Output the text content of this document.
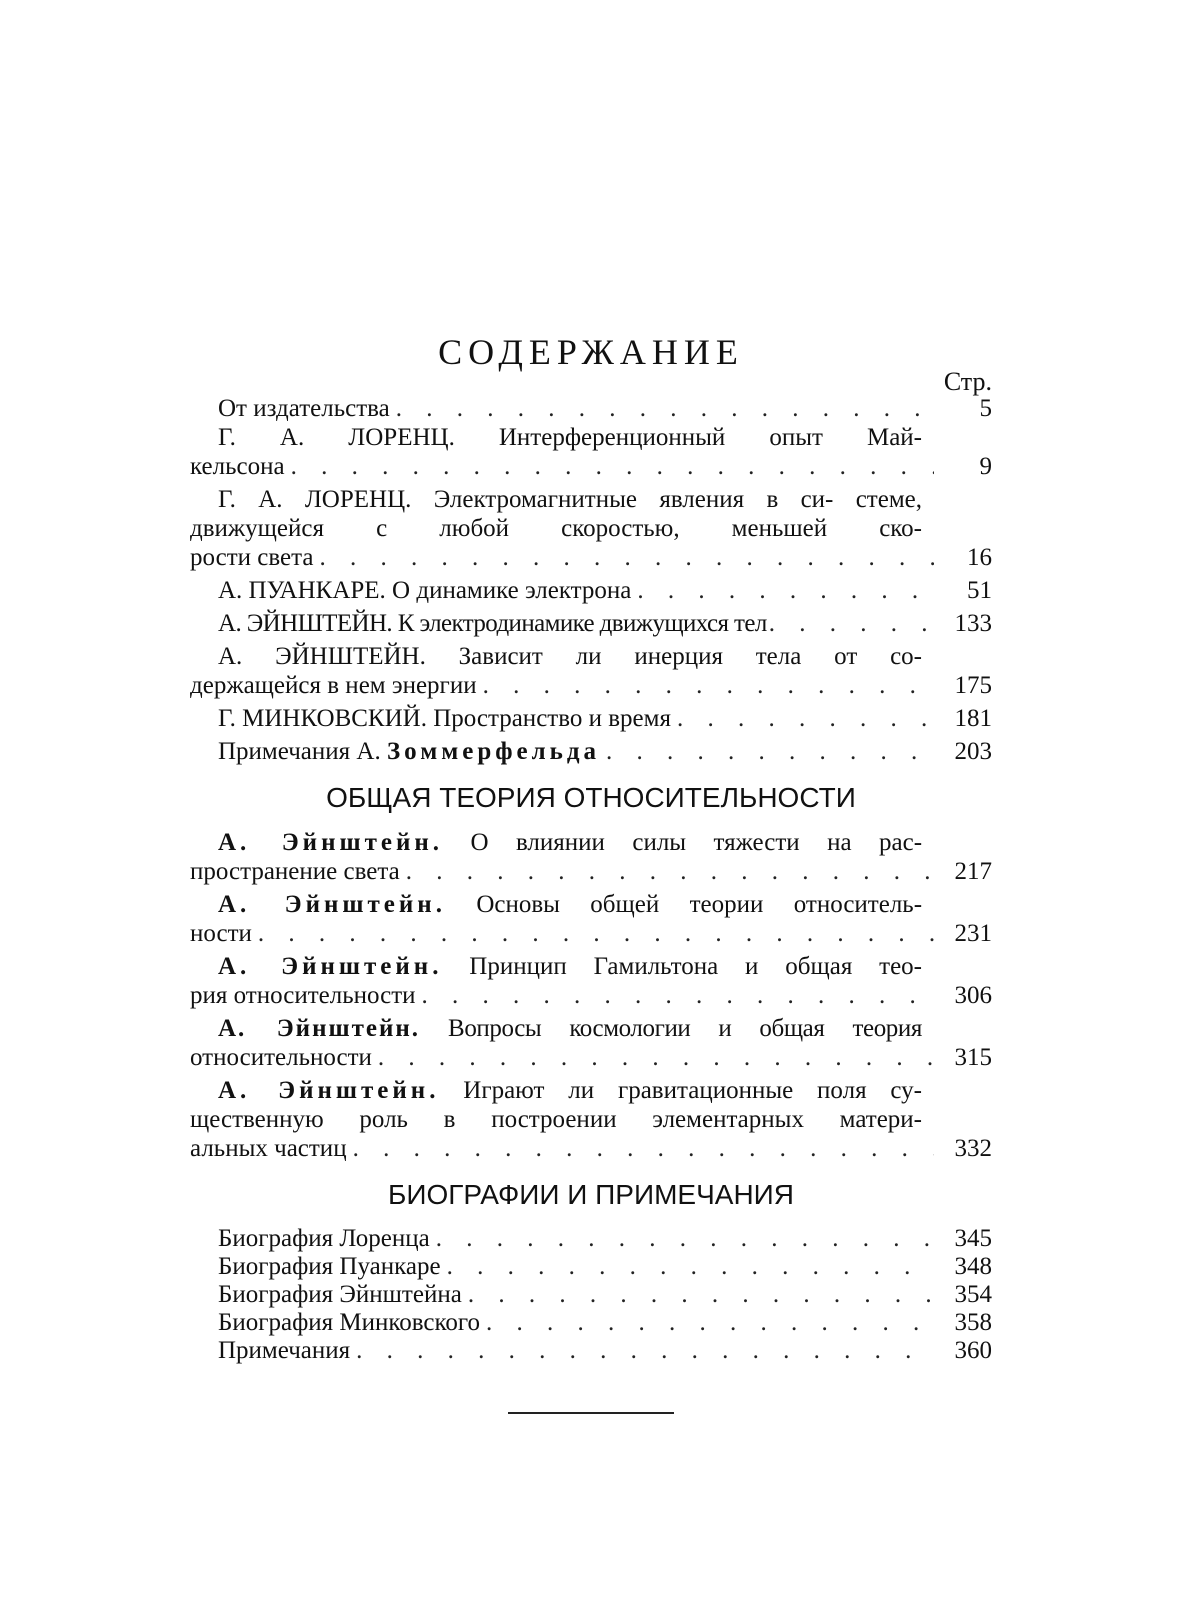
СОДЕРЖАНИЕ
Стр.
От издательства
. . .	5
Г. А. ЛОРЕНЦ. Интерференционный опыт Май-
кельсона
. . .	9
Г. А. ЛОРЕНЦ. Электромагнитные явления в си- стеме, движущейся с любой скоростью, меньшей ско-
рости света
. . .	16
А. ПУАНКАРЕ. О динамике электрона
. . .	51
А. ЭЙНШТЕЙН. К электродинамике движущихся тел
. . .	133
А. ЭЙНШТЕЙН. Зависит ли инерция тела от со-
держащейся в нем энергии
. . .	175
Г. МИНКОВСКИЙ. Пространство и время
. . .	181
Примечания А. Зоммерфельда
. . .	203
ОБЩАЯ ТЕОРИЯ ОТНОСИТЕЛЬНОСТИ
А. Эйнштейн. О влиянии силы тяжести на рас-
пространение света
. . .	217
А. Эйнштейн. Основы общей теории относитель-
ности
. . .	231
А. Эйнштейн. Принцип Гамильтона и общая тео-
рия относительности
. . .	306
А. Эйнштейн. Вопросы космологии и общая теория
относительности
. . .	315
А. Эйнштейн. Играют ли гравитационные поля су- щественную роль в построении элементарных матери-
альных частиц
. . .	332
БИОГРАФИИ И ПРИМЕЧАНИЯ
Биография Лоренца
. . .	345
Биография Пуанкаре
. . .	348
Биография Эйнштейна
. . .	354
Биография Минковского
. . .	358
Примечания
. . .	360
